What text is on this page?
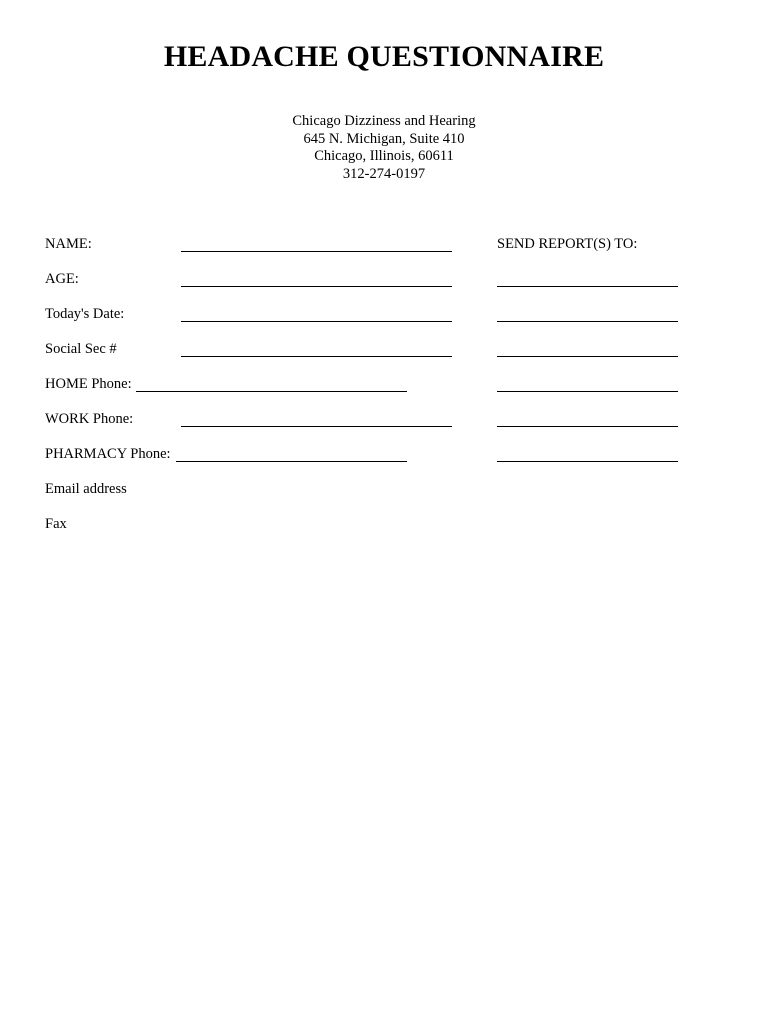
HEADACHE QUESTIONNAIRE
Chicago Dizziness and Hearing
645 N. Michigan, Suite 410
Chicago, Illinois, 60611
312-274-0197
NAME:
AGE:
Today's Date:
Social Sec #
HOME Phone:
WORK Phone:
PHARMACY Phone:
Email address
Fax
SEND REPORT(S) TO:
